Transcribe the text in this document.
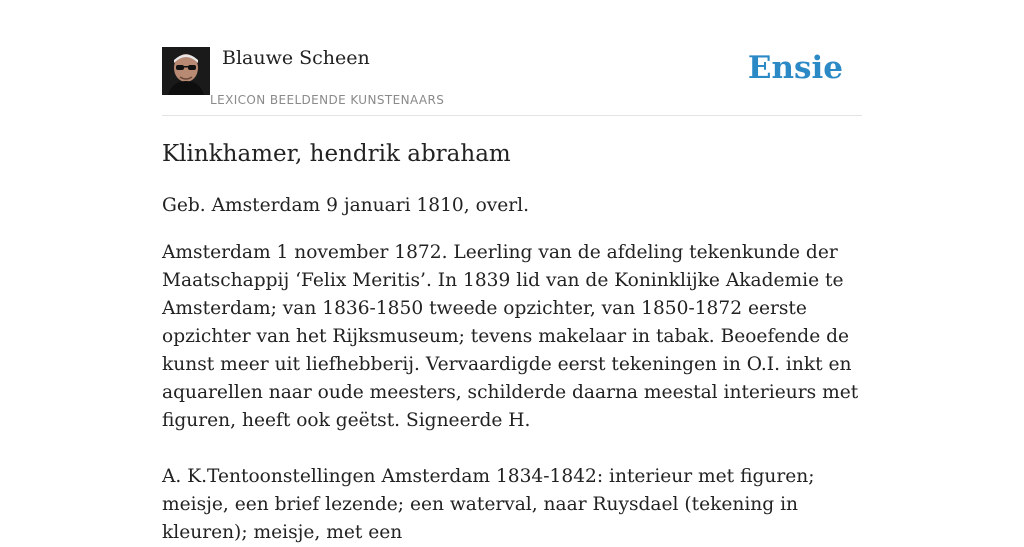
Blauwe Scheen
LEXICON BEELDENDE KUNSTENAARS
Ensie
Klinkhamer, hendrik abraham

Geb. Amsterdam 9 januari 1810, overl.

Amsterdam 1 november 1872. Leerling van de afdeling tekenkunde der Maatschappij ‘Felix Meritis’. In 1839 lid van de Koninklijke Akademie te Amsterdam; van 1836-1850 tweede opzichter, van 1850-1872 eerste opzichter van het Rijksmuseum; tevens makelaar in tabak. Beoefende de kunst meer uit liefhebberij. Vervaardigde eerst tekeningen in O.I. inkt en aquarellen naar oude meesters, schilderde daarna meestal interieurs met figuren, heeft ook geëtst. Signeerde H.

A. K.Tentoonstellingen Amsterdam 1834-1842: interieur met figuren; meisje, een brief lezende; een waterval, naar Ruysdael (tekening in kleuren); meisje, met een
